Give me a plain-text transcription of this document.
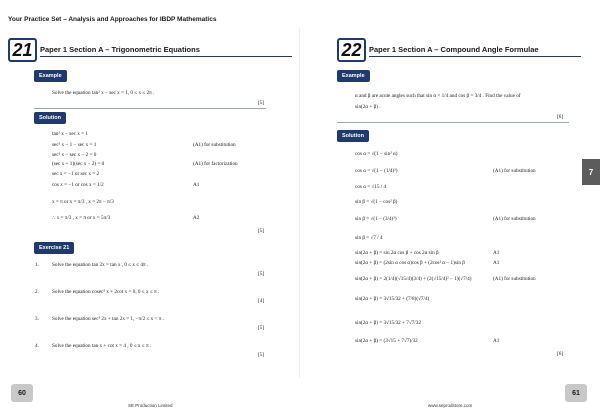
Your Practice Set – Analysis and Approaches for IBDP Mathematics
21 Paper 1 Section A – Trigonometric Equations
Example
Solve the equation tan² x − sec x = 1, 0 ≤ x ≤ 2π .
[5]
Solution
tan² x − sec x = 1
sec² x − 1 − sec x = 1	(A1) for substitution
sec² x − sec x − 2 = 0
(sec x + 1)(sec x − 2) = 0	(A1) for factorization
sec x = −1 or sec x = 2
cos x = −1 or cos x = 1/2	A1
x = π or x = π/3 , x = 2π − π/3
∴ x = π/3 , x = π or x = 5π/3	A2
[5]
Exercise 21
1.	Solve the equation tan 2x = tan x , 0 ≤ x ≤ 4π .
[5]
2.	Solve the equation cosec² x + 2cot x = 0, 0 ≤ x ≤ π .
[4]
3.	Solve the equation sec² 2x + tan 2x = 1, −π/2 ≤ x < π .
[5]
4.	Solve the equation tan x + cot x = 4 , 0 ≤ x ≤ π .
[5]
60
SE Production Limited
22 Paper 1 Section A – Compound Angle Formulae
Example
α and β are acute angles such that sin α = 1/4 and cos β = 3/4 . Find the value of
sin(2α + β) .
[6]
Solution
cos α = √(1 − sin² α)
cos α = √(1 − (1/4)²)	(A1) for substitution
cos α = √15 / 4
sin β = √(1 − cos² β)
sin β = √(1 − (3/4)²)	(A1) for substitution
sin β = √7 / 4
sin(2α + β) = sin 2α cos β + cos 2α sin β	A1
sin(2α + β) = (2sin α cos α)cos β + (2cos² α − 1)sin β	A1
sin(2α + β) = 2(1/4)(√15/4)(3/4) + (2(√15/4)² − 1)(√7/4)	(A1) for substitution
sin(2α + β) = 3√15/32 + (7/8)(√7/4)
sin(2α + β) = 3√15/32 + 7√7/32
sin(2α + β) = (3√15 + 7√7)/32	A1
[6]
7
61
www.seprodstore.com
